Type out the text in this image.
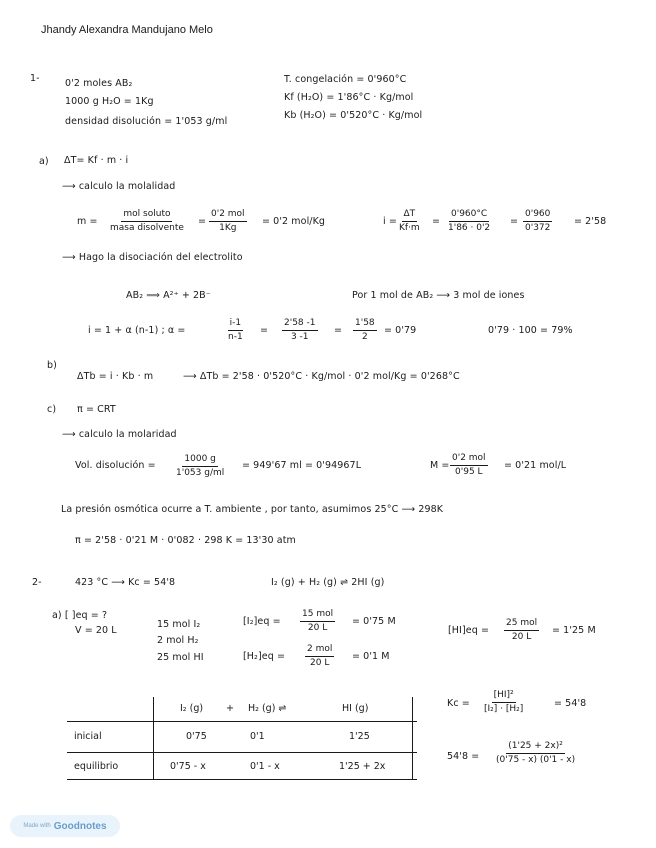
Jhandy Alexandra Mandujano Melo
1-	0'2 moles AB₂
1000 g H₂O = 1Kg
densidad disolución = 1'053 g/ml
T. congelación = 0'960°C
Kf (H₂O) = 1'86°C · Kg/mol
Kb (H₂O) = 0'520°C · Kg/mol
a) ΔT= Kf · m · i
⟶ calculo la molalidad
m =
mol soluto
masa disolvente
=
0'2 mol
1Kg
= 0'2 mol/Kg	$i = \frac{\Delta T}{Kf\cdot m} = \frac{0'960^\circ C}{1'86 \cdot 0'2} = \frac{0'960}{0'372} = 2'58$
⟶ Hago la disociación del electrolito
AB₂ ⟹ A²⁺ + 2B⁻	Por 1 mol de AB₂ ⟶ 3 mol de iones
i = 1 + α (n-1) ; α =	$\frac{i-1}{n-1} = \frac{2'58 -1}{3 -1} = \frac{1'58}{2} = 0'79$	0'79 · 100 = 79%
b)
ΔTb = i · Kb · m	⟶ ΔTb = 2'58 · 0'520°C · Kg/mol · 0'2 mol/Kg = 0'268°C
c) π = CRT
⟶ calculo la molaridad
Vol. disolución = $\frac{1000 g}{1'053 g/ml} = 949'67$ ml = 0'94967L	M =
0'2 mol
0'95 L
= 0'21 mol/L
La presión osmótica ocurre a T. ambiente , por tanto, asumimos 25°C ⟶ 298K
π = 2'58 · 0'21 M · 0'082 · 298 K = 13'30 atm
2-	423 °C ⟶ Kc = 54'8	I₂ (g) + H₂ (g) ⇌ 2HI (g)
a) [ ]eq = ?
V = 20 L
15 mol I₂
2 mol H₂
25 mol HI
[I₂]eq =
15 mol
20 L
= 0'75 M
[H₂]eq =
2 mol
20 L
= 0'1 M
[HI]eq =
25 mol
20 L
= 1'25 M
I₂ (g) + H₂ (g) ⇌	HI (g)
inicial	0'75	0'1	1'25
equilibrio	0'75 - x	0'1 - x	1'25 + 2x
$Kc = \frac{\text{[HI]²}}{\text{[I₂] · [H₂]}}$	= 54'8
$54'8 = \frac{\text{(1'25 + 2x)²}}{(0'75 - x) (0'1 - x)}$
Made with Goodnotes
